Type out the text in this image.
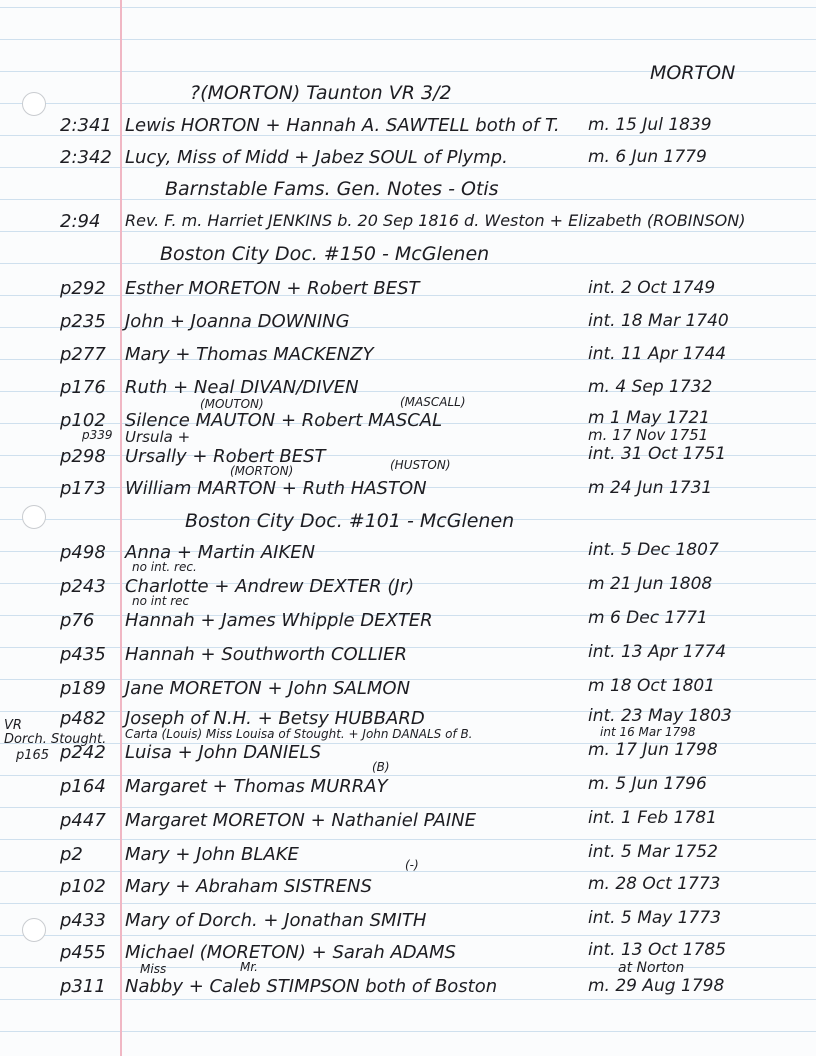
MORTON
?(MORTON) Taunton VR 3/2
2:341 Lewis HORTON + Hannah A. SAWTELL both of T. m. 15 Jul 1839
2:342 Lucy, Miss of Midd + Jabez SOUL of Plymp.	m. 6 Jun 1779
Barnstable Fams. Gen. Notes - Otis
2:94 Rev. F. m. Harriet JENKINS b. 20 Sep 1816 d. Weston + Elizabeth (ROBINSON)
Boston City Doc. #150 - McGlenen
p292 Esther MORETON + Robert BEST	int. 2 Oct 1749
p235 John + Joanna DOWNING	int. 18 Mar 1740
p277 Mary + Thomas MACKENZY	int. 11 Apr 1744
p176 Ruth + Neal DIVAN/DIVEN	m. 4 Sep 1732
(MOUTON)	(MASCALL)
p102 Silence MAUTON + Robert MASCAL	m 1 May 1721
p339 Ursula +	m. 17 Nov 1751
p298 Ursally + Robert BEST	int. 31 Oct 1751
(MORTON)	(HUSTON)
p173 William MARTON + Ruth HASTON	m 24 Jun 1731
Boston City Doc. #101 - McGlenen
p498 Anna + Martin AIKEN	int. 5 Dec 1807
no int. rec.
p243 Charlotte + Andrew DEXTER (Jr)	m 21 Jun 1808
no int rec
p76 Hannah + James Whipple DEXTER	m 6 Dec 1771
p435 Hannah + Southworth COLLIER	int. 13 Apr 1774
p189 Jane MORETON + John SALMON	m 18 Oct 1801
p482 Joseph of N.H. + Betsy HUBBARD	int. 23 May 1803
VR
Dorch. Stought.
p165
Carta (Louis) Miss Louisa of Stought. + John DANALS of B.	int 16 Mar 1798
p242 Luisa + John DANIELS	m. 17 Jun 1798
(B)
p164 Margaret + Thomas MURRAY	m. 5 Jun 1796
p447 Margaret MORETON + Nathaniel PAINE	int. 1 Feb 1781
p2 Mary + John BLAKE	int. 5 Mar 1752
(-)
p102 Mary + Abraham SISTRENS	m. 28 Oct 1773
p433 Mary of Dorch. + Jonathan SMITH	int. 5 May 1773
p455 Michael (MORETON) + Sarah ADAMS	int. 13 Oct 1785
Miss	Mr.	at Norton
p311 Nabby + Caleb STIMPSON both of Boston	m. 29 Aug 1798
